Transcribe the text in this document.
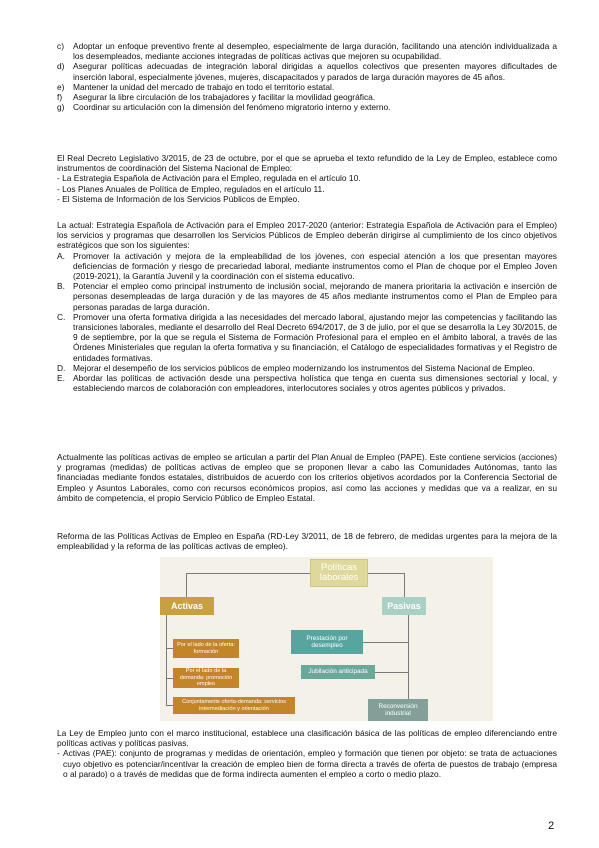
c)	Adoptar un enfoque preventivo frente al desempleo, especialmente de larga duración, facilitando una atención individualizada a los desempleados, mediante acciones integradas de políticas activas que mejoren su ocupabilidad.
d)	Asegurar políticas adecuadas de integración laboral dirigidas a aquellos colectivos que presenten mayores dificultades de inserción laboral, especialmente jóvenes, mujeres, discapacitados y parados de larga duración mayores de 45 años.
e)	Mantener la unidad del mercado de trabajo en todo el territorio estatal.
f)	Asegurar la libre circulación de los trabajadores y facilitar la movilidad geográfica.
g)	Coordinar su articulación con la dimensión del fenómeno migratorio interno y externo.

El Real Decreto Legislativo 3/2015, de 23 de octubre, por el que se aprueba el texto refundido de la Ley de Empleo, establece como instrumentos de coordinación del Sistema Nacional de Empleo:

- La Estrategia Española de Activación para el Empleo, regulada en el artículo 10.

- Los Planes Anuales de Política de Empleo, regulados en el artículo 11.

- El Sistema de Información de los Servicios Públicos de Empleo.

La actual: Estrategia Española de Activación para el Empleo 2017-2020 (anterior: Estrategia Española de Activación para el Empleo) los servicios y programas que desarrollen los Servicios Públicos de Empleo deberán dirigirse al cumplimiento de los cinco objetivos estratégicos que son los siguientes:

A. Promover la activación y mejora de la empleabilidad de los jóvenes, con especial atención a los que presentan mayores deficiencias de formación y riesgo de precariedad laboral, mediante instrumentos como el Plan de choque por el Empleo Joven (2019-2021), la Garantía Juvenil y la coordinación con el sistema educativo.
B. Potenciar el empleo como principal instrumento de inclusión social, mejorando de manera prioritaria la activación e inserción de personas desempleadas de larga duración y de las mayores de 45 años mediante instrumentos como el Plan de Empleo para personas paradas de larga duración.
C. Promover una oferta formativa dirigida a las necesidades del mercado laboral, ajustando mejor las competencias y facilitando las transiciones laborales, mediante el desarrollo del Real Decreto 694/2017, de 3 de julio, por el que se desarrolla la Ley 30/2015, de 9 de septiembre, por la que se regula el Sistema de Formación Profesional para el empleo en el ámbito laboral, a través de las Órdenes Ministeriales que regulan la oferta formativa y su financiación, el Catálogo de especialidades formativas y el Registro de entidades formativas.
D. Mejorar el desempeño de los servicios públicos de empleo modernizando los instrumentos del Sistema Nacional de Empleo.
E. Abordar las políticas de activación desde una perspectiva holística que tenga en cuenta sus dimensiones sectorial y local, y estableciendo marcos de colaboración con empleadores, interlocutores sociales y otros agentes públicos y privados.

Actualmente las políticas activas de empleo se articulan a partir del Plan Anual de Empleo (PAPE). Este contiene servicios (acciones) y programas (medidas) de políticas activas de empleo que se proponen llevar a cabo las Comunidades Autónomas, tanto las financiadas mediante fondos estatales, distribuidos de acuerdo con los criterios objetivos acordados por la Conferencia Sectorial de Empleo y Asuntos Laborales, como con recursos económicos propios, así como las acciones y medidas que va a realizar, en su ámbito de competencia, el propio Servicio Público de Empleo Estatal.

Reforma de las Políticas Activas de Empleo en España (RD-Ley 3/2011, de 18 de febrero, de medidas urgentes para la mejora de la empleabilidad y la reforma de las políticas activas de empleo).

Políticas laborales
Activas	Pasivas
Por el lado de la oferta: formación
Por el lado de la demanda: promoción empleo
Conjuntamente oferta-demanda: servicios intermediación y orientación
Prestación por desempleo
Jubilación anticipada
Reconversión industrial

La Ley de Empleo junto con el marco institucional, establece una clasificación básica de las políticas de empleo diferenciando entre políticas activas y políticas pasivas.

- Activas (PAE): conjunto de programas y medidas de orientación, empleo y formación que tienen por objeto: se trata de actuaciones cuyo objetivo es potenciar/incentivar la creación de empleo bien de forma directa a través de oferta de puestos de trabajo (empresa o al parado) o a través de medidas que de forma indirecta aumenten el empleo a corto o medio plazo.
2
